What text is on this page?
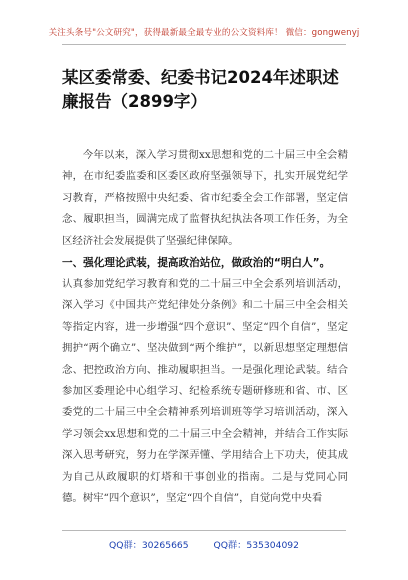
关注头条号"公文研究"，获得最新最全最专业的公文资料库！ 微信：gongwenyj
某区委常委、纪委书记2024年述职述廉报告（2899字）

今年以来，深入学习贯彻xx思想和党的二十届三中全会精神，在市纪委监委和区委区政府坚强领导下，扎实开展党纪学习教育，严格按照中央纪委、省市纪委全会工作部署，坚定信念、履职担当，圆满完成了监督执纪执法各项工作任务，为全区经济社会发展提供了坚强纪律保障。

一、强化理论武装，提高政治站位，做政治的“明白人”。

认真参加党纪学习教育和党的二十届三中全会系列培训活动，深入学习《中国共产党纪律处分条例》和二十届三中全会相关等指定内容，进一步增强“四个意识”、坚定“四个自信”，坚定拥护“两个确立”、坚决做到“两个维护”，以新思想坚定理想信念、把控政治方向、推动履职担当。一是强化理论武装。结合参加区委理论中心组学习、纪检系统专题研修班和省、市、区委党的二十届三中全会精神系列培训班等学习培训活动，深入学习领会xx思想和党的二十届三中全会精神，并结合工作实际深入思考研究，努力在学深弄懂、学用结合上下功夫，使其成为自己从政履职的灯塔和干事创业的指南。二是与党同心同德。树牢“四个意识”，坚定“四个自信”，自觉向党中央看

QQ群：30265665	QQ群：535304092
